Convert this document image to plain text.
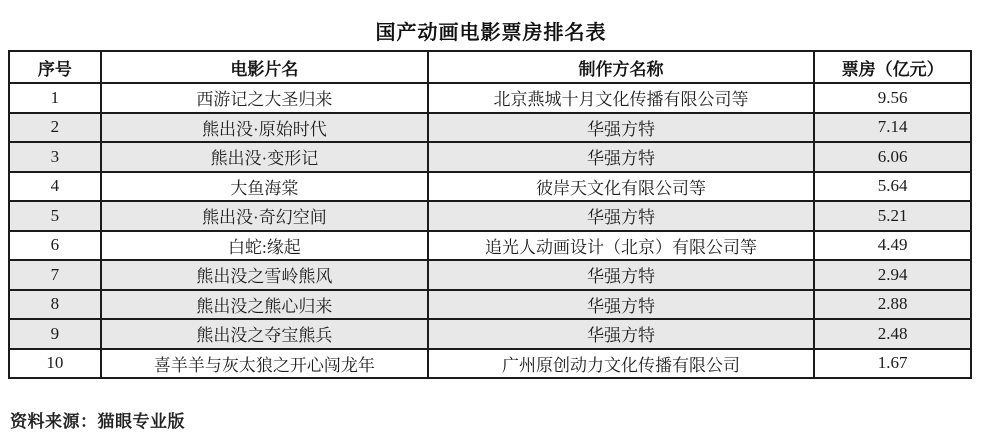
国产动画电影票房排名表
序号	电影片名	制作方名称	票房（亿元）
1	西游记之大圣归来	北京燕城十月文化传播有限公司等	9.56
2	熊出没·原始时代	华强方特	7.14
3	熊出没·变形记	华强方特	6.06
4	大鱼海棠	彼岸天文化有限公司等	5.64
5	熊出没·奇幻空间	华强方特	5.21
6	白蛇:缘起	追光人动画设计（北京）有限公司等	4.49
7	熊出没之雪岭熊风	华强方特	2.94
8	熊出没之熊心归来	华强方特	2.88
9	熊出没之夺宝熊兵	华强方特	2.48
10	喜羊羊与灰太狼之开心闯龙年	广州原创动力文化传播有限公司	1.67
资料来源：猫眼专业版
